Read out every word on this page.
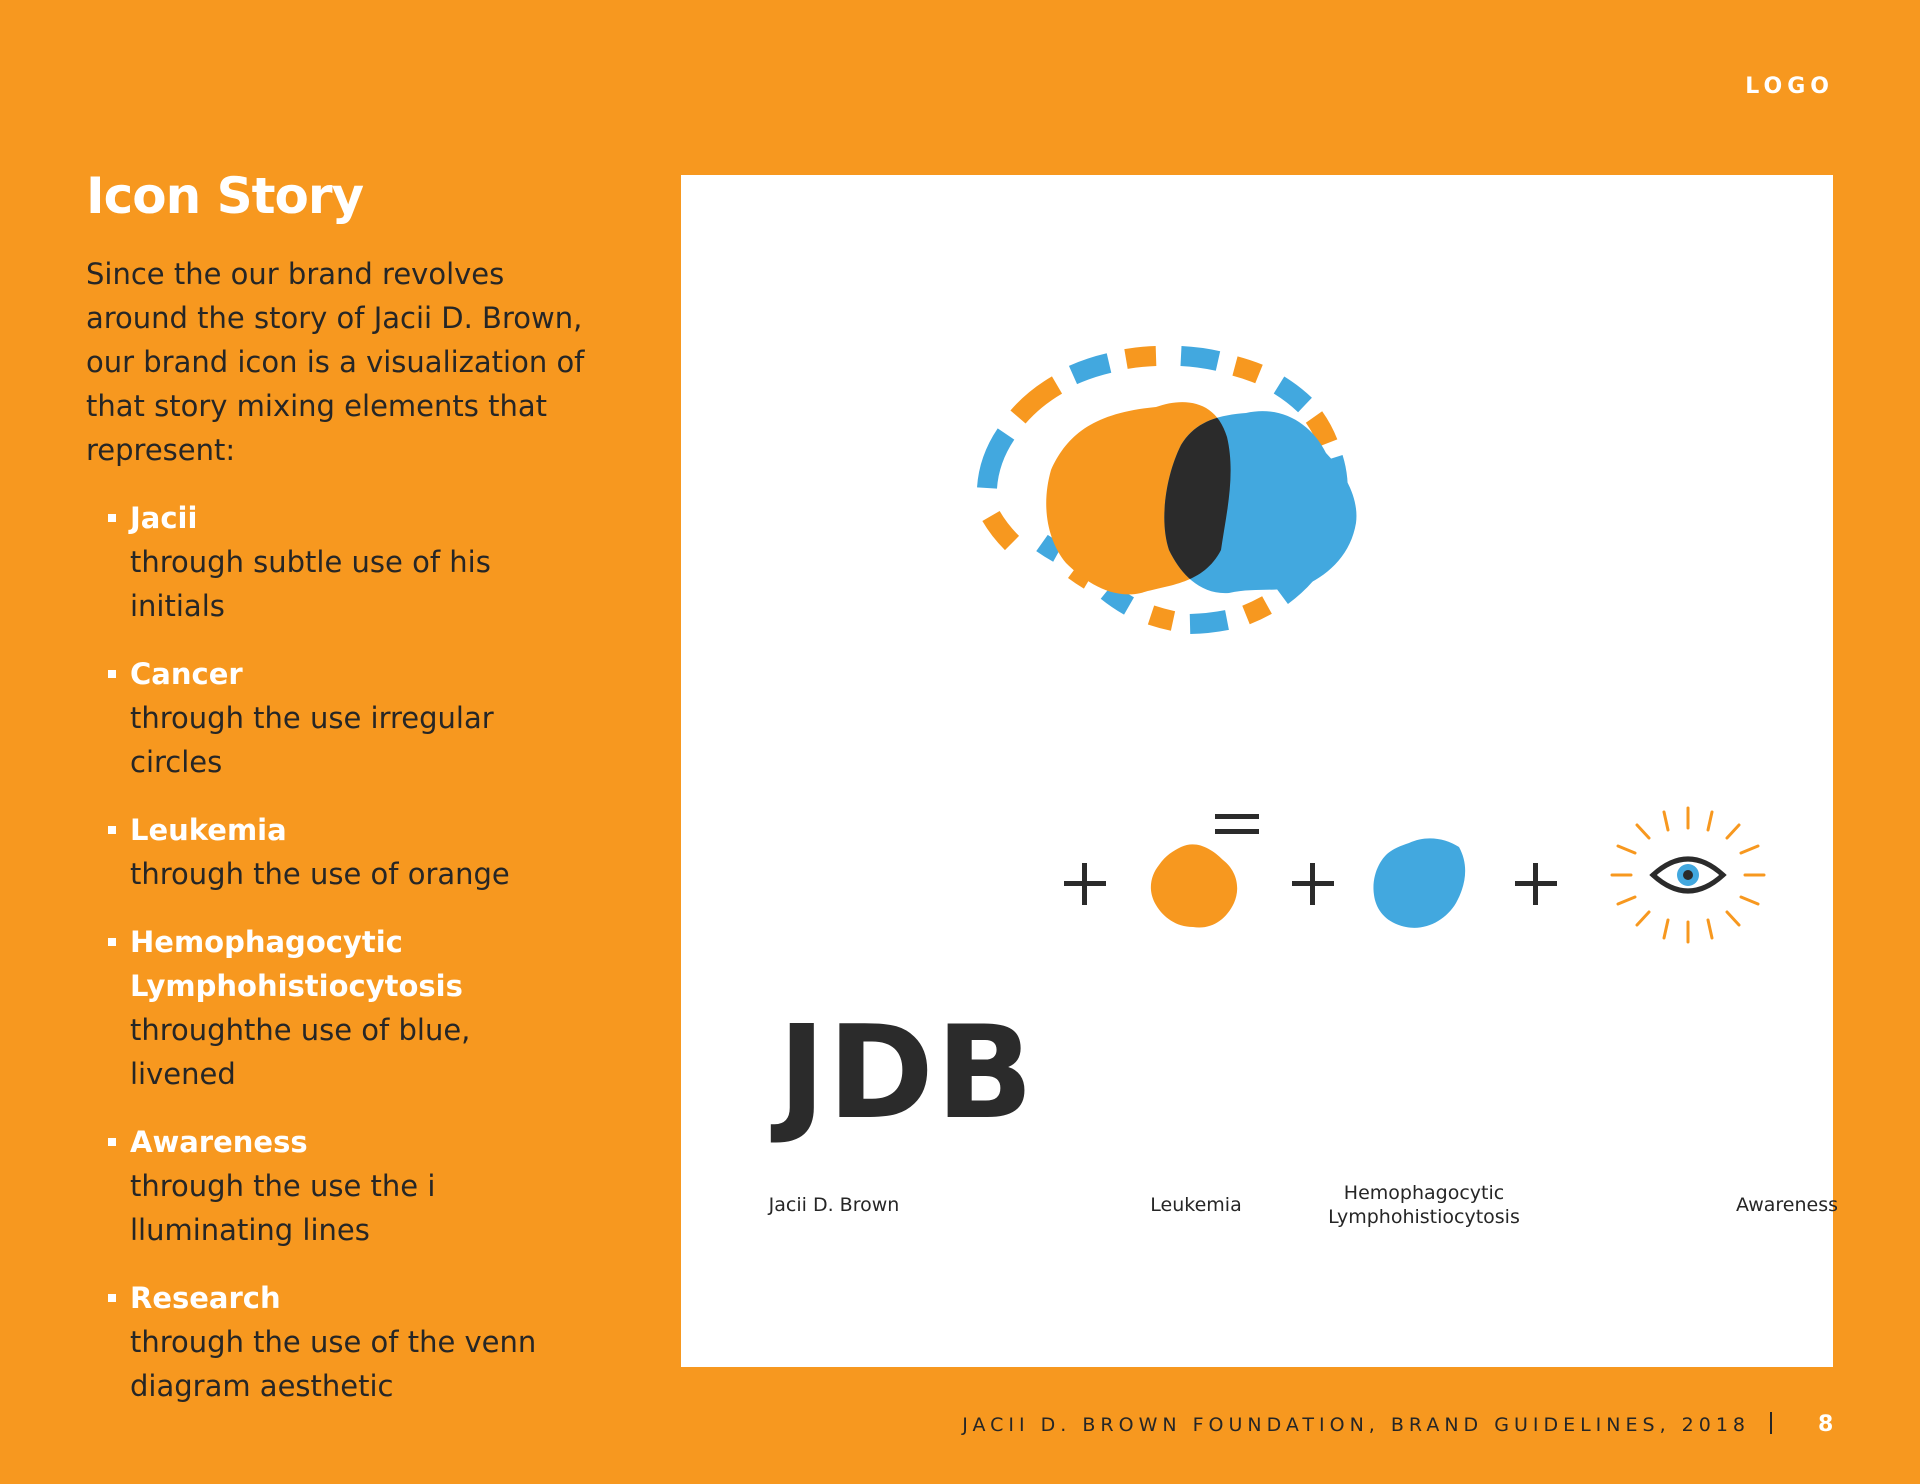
LOGO
Icon Story

Since the our brand revolves around the story of Jacii D. Brown, our brand icon is a visualization of that story mixing elements that represent:

Jacii
through subtle use of his initials
Cancer
through the use irregular circles
Leukemia
through the use of orange
Hemophagocytic Lymphohistiocytosis
throughthe use of blue, livened
Awareness
through the use the i lluminating lines
Research
through the use of the venn diagram aesthetic
JDB
Jacii D. Brown	Leukemia
Hemophagocytic
Lymphohistiocytosis
Awareness
JACII D. BROWN FOUNDATION, BRAND GUIDELINES, 2018	8
